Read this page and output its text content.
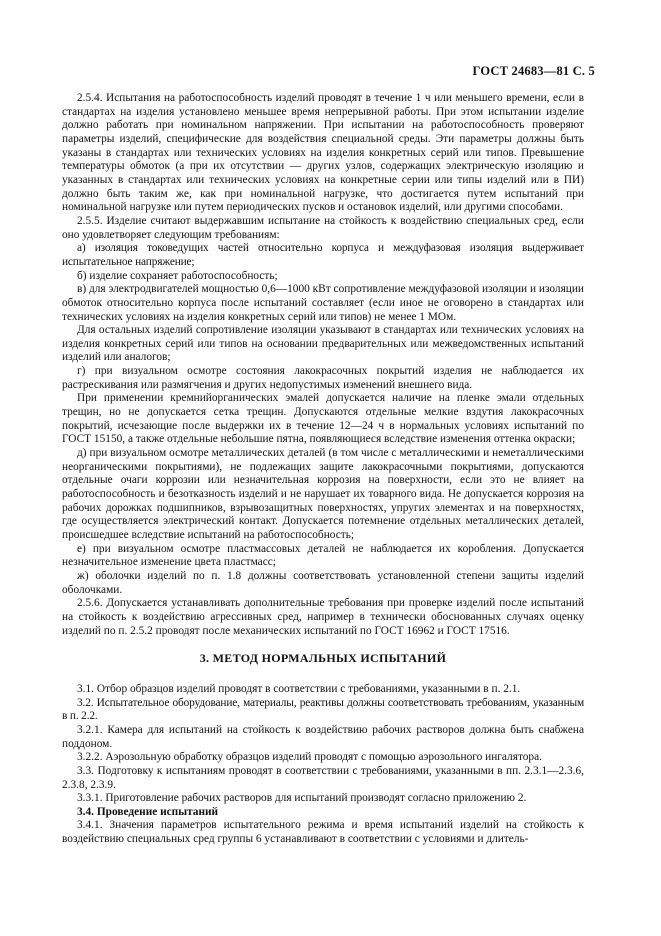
ГОСТ 24683—81 С. 5

2.5.4. Испытания на работоспособность изделий проводят в течение 1 ч или меньшего времени, если в стандартах на изделия установлено меньшее время непрерывной работы. При этом испытании изделие должно работать при номинальном напряжении. При испытании на работоспособность проверяют параметры изделий, специфические для воздействия специальной среды. Эти параметры должны быть указаны в стандартах или технических условиях на изделия конкретных серий или типов. Превышение температуры обмоток (а при их отсутствии — других узлов, содержащих электрическую изоляцию и указанных в стандартах или технических условиях на конкретные серии или типы изделий или в ПИ) должно быть таким же, как при номинальной нагрузке, что достигается путем испытаний при номинальной нагрузке или путем периодических пусков и остановок изделий, или другими способами.

2.5.5. Изделие считают выдержавшим испытание на стойкость к воздействию специальных сред, если оно удовлетворяет следующим требованиям:

а) изоляция токоведущих частей относительно корпуса и междуфазовая изоляция выдерживает испытательное напряжение;

б) изделие сохраняет работоспособность;

в) для электродвигателей мощностью 0,6—1000 кВт сопротивление междуфазовой изоляции и изоляции обмоток относительно корпуса после испытаний составляет (если иное не оговорено в стандартах или технических условиях на изделия конкретных серий или типов) не менее 1 МОм.

Для остальных изделий сопротивление изоляции указывают в стандартах или технических условиях на изделия конкретных серий или типов на основании предварительных или межведомственных испытаний изделий или аналогов;

г) при визуальном осмотре состояния лакокрасочных покрытий изделия не наблюдается их растрескивания или размягчения и других недопустимых изменений внешнего вида.

При применении кремнийорганических эмалей допускается наличие на пленке эмали отдельных трещин, но не допускается сетка трещин. Допускаются отдельные мелкие вздутия лакокрасочных покрытий, исчезающие после выдержки их в течение 12—24 ч в нормальных условиях испытаний по ГОСТ 15150, а также отдельные небольшие пятна, появляющиеся вследствие изменения оттенка окраски;

д) при визуальном осмотре металлических деталей (в том числе с металлическими и неметаллическими неорганическими покрытиями), не подлежащих защите лакокрасочными покрытиями, допускаются отдельные очаги коррозии или незначительная коррозия на поверхности, если это не влияет на работоспособность и безотказность изделий и не нарушает их товарного вида. Не допускается коррозия на рабочих дорожках подшипников, взрывозащитных поверхностях, упругих элементах и на поверхностях, где осуществляется электрический контакт. Допускается потемнение отдельных металлических деталей, происшедшее вследствие испытаний на работоспособность;

е) при визуальном осмотре пластмассовых деталей не наблюдается их коробления. Допускается незначительное изменение цвета пластмасс;

ж) оболочки изделий по п. 1.8 должны соответствовать установленной степени защиты изделий оболочками.

2.5.6. Допускается устанавливать дополнительные требования при проверке изделий после испытаний на стойкость к воздействию агрессивных сред, например в технически обоснованных случаях оценку изделий по п. 2.5.2 проводят после механических испытаний по ГОСТ 16962 и ГОСТ 17516.

3. МЕТОД НОРМАЛЬНЫХ ИСПЫТАНИЙ

3.1. Отбор образцов изделий проводят в соответствии с требованиями, указанными в п. 2.1.

3.2. Испытательное оборудование, материалы, реактивы должны соответствовать требованиям, указанным в п. 2.2.

3.2.1. Камера для испытаний на стойкость к воздействию рабочих растворов должна быть снабжена поддоном.

3.2.2. Аэрозольную обработку образцов изделий проводят с помощью аэрозольного ингалятора.

3.3. Подготовку к испытаниям проводят в соответствии с требованиями, указанными в пп. 2.3.1—2.3.6, 2.3.8, 2.3.9.

3.3.1. Приготовление рабочих растворов для испытаний производят согласно приложению 2.

3.4. Проведение испытаний

3.4.1. Значения параметров испытательного режима и время испытаний изделий на стойкость к воздействию специальных сред группы 6 устанавливают в соответствии с условиями и длитель-
